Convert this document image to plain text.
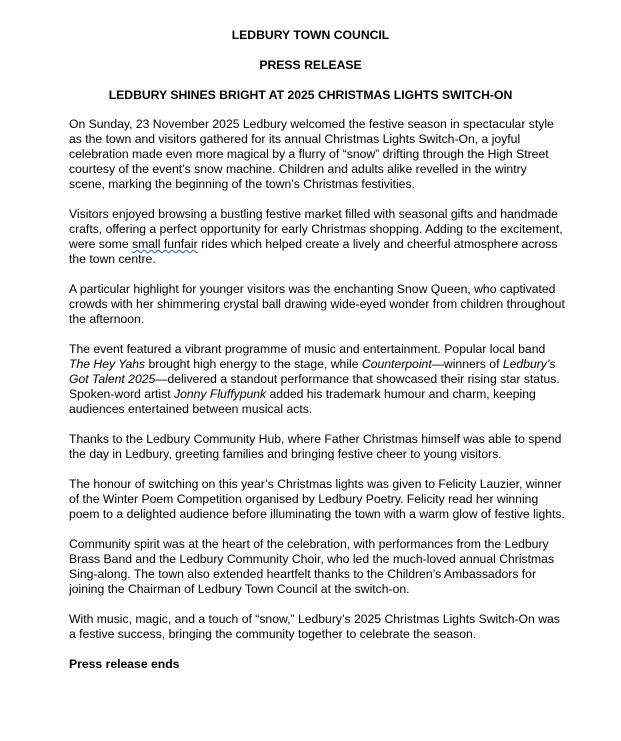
LEDBURY TOWN COUNCIL
PRESS RELEASE
LEDBURY SHINES BRIGHT AT 2025 CHRISTMAS LIGHTS SWITCH-ON

On Sunday, 23 November 2025 Ledbury welcomed the festive season in spectacular style as the town and visitors gathered for its annual Christmas Lights Switch-On, a joyful celebration made even more magical by a flurry of “snow” drifting through the High Street courtesy of the event’s snow machine. Children and adults alike revelled in the wintry scene, marking the beginning of the town’s Christmas festivities.

Visitors enjoyed browsing a bustling festive market filled with seasonal gifts and handmade crafts, offering a perfect opportunity for early Christmas shopping. Adding to the excitement, were some small funfair rides which helped create a lively and cheerful atmosphere across the town centre.

A particular highlight for younger visitors was the enchanting Snow Queen, who captivated crowds with her shimmering crystal ball drawing wide-eyed wonder from children throughout the afternoon.

The event featured a vibrant programme of music and entertainment. Popular local band The Hey Yahs brought high energy to the stage, while Counterpoint—winners of Ledbury’s Got Talent 2025—delivered a standout performance that showcased their rising star status. Spoken-word artist Jonny Fluffypunk added his trademark humour and charm, keeping audiences entertained between musical acts.

Thanks to the Ledbury Community Hub, where Father Christmas himself was able to spend the day in Ledbury, greeting families and bringing festive cheer to young visitors.

The honour of switching on this year’s Christmas lights was given to Felicity Lauzier, winner of the Winter Poem Competition organised by Ledbury Poetry. Felicity read her winning poem to a delighted audience before illuminating the town with a warm glow of festive lights.

Community spirit was at the heart of the celebration, with performances from the Ledbury Brass Band and the Ledbury Community Choir, who led the much-loved annual Christmas Sing-along. The town also extended heartfelt thanks to the Children’s Ambassadors for joining the Chairman of Ledbury Town Council at the switch-on.

With music, magic, and a touch of “snow,” Ledbury’s 2025 Christmas Lights Switch-On was a festive success, bringing the community together to celebrate the season.

Press release ends
